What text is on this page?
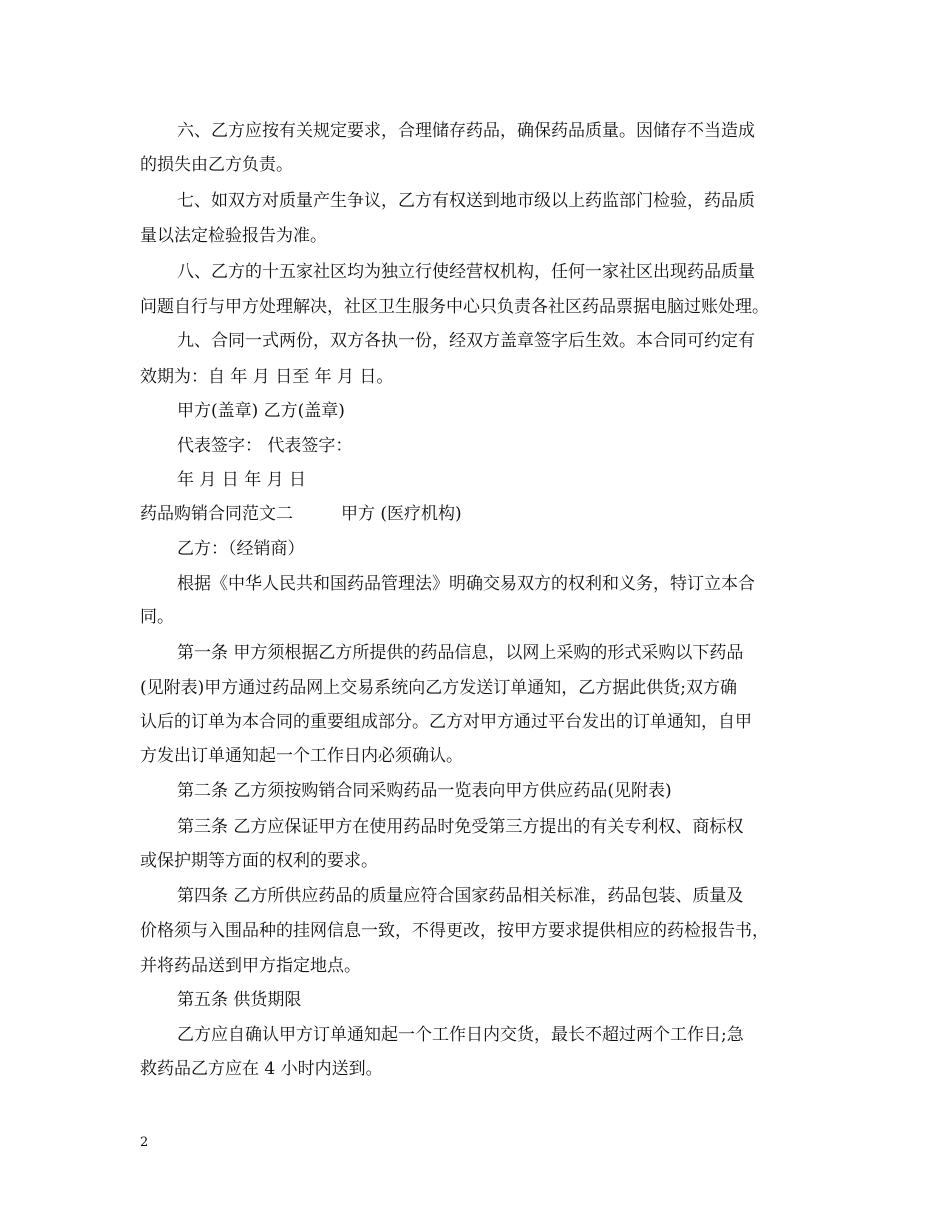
六、乙方应按有关规定要求，合理储存药品，确保药品质量。因储存不当造成
的损失由乙方负责。
七、如双方对质量产生争议，乙方有权送到地市级以上药监部门检验，药品质
量以法定检验报告为准。
八、乙方的十五家社区均为独立行使经营权机构，任何一家社区出现药品质量
问题自行与甲方处理解决，社区卫生服务中心只负责各社区药品票据电脑过账处理。
九、合同一式两份，双方各执一份，经双方盖章签字后生效。本合同可约定有
效期为：自 年 月 日至 年 月 日。
甲方(盖章) 乙方(盖章)
代表签字： 代表签字：
年 月 日 年 月 日
药品购销合同范文二	甲方 (医疗机构)
乙方：（经销商）
根据《中华人民共和国药品管理法》明确交易双方的权利和义务，特订立本合
同。
第一条 甲方须根据乙方所提供的药品信息，以网上采购的形式采购以下药品
(见附表)甲方通过药品网上交易系统向乙方发送订单通知，乙方据此供货;双方确
认后的订单为本合同的重要组成部分。乙方对甲方通过平台发出的订单通知，自甲
方发出订单通知起一个工作日内必须确认。
第二条 乙方须按购销合同采购药品一览表向甲方供应药品(见附表)
第三条 乙方应保证甲方在使用药品时免受第三方提出的有关专利权、商标权
或保护期等方面的权利的要求。
第四条 乙方所供应药品的质量应符合国家药品相关标准，药品包装、质量及
价格须与入围品种的挂网信息一致，不得更改，按甲方要求提供相应的药检报告书，
并将药品送到甲方指定地点。
第五条 供货期限
乙方应自确认甲方订单通知起一个工作日内交货，最长不超过两个工作日;急
救药品乙方应在 4 小时内送到。
2
